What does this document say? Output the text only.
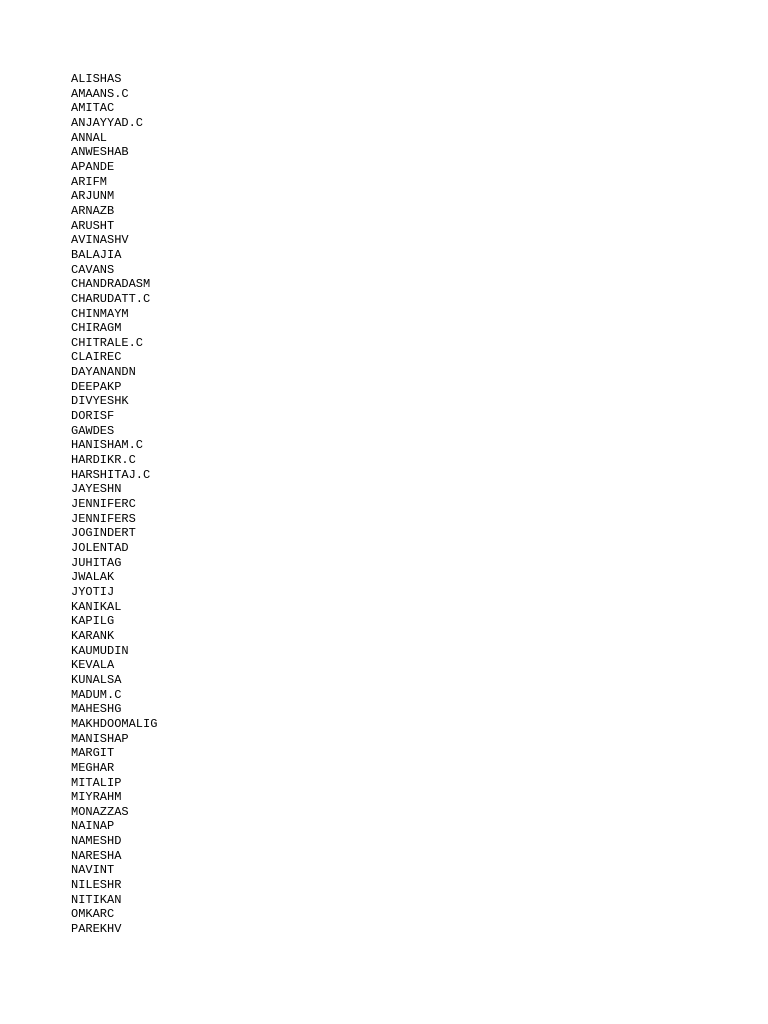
ALISHAS
AMAANS.C
AMITAC
ANJAYYAD.C
ANNAL
ANWESHAB
APANDE
ARIFM
ARJUNM
ARNAZB
ARUSHT
AVINASHV
BALAJIA
CAVANS
CHANDRADASM
CHARUDATT.C
CHINMAYM
CHIRAGM
CHITRALE.C
CLAIREC
DAYANANDN
DEEPAKP
DIVYESHK
DORISF
GAWDES
HANISHAM.C
HARDIKR.C
HARSHITAJ.C
JAYESHN
JENNIFERC
JENNIFERS
JOGINDERT
JOLENTAD
JUHITAG
JWALAK
JYOTIJ
KANIKAL
KAPILG
KARANK
KAUMUDIN
KEVALA
KUNALSA
MADUM.C
MAHESHG
MAKHDOOMALIG
MANISHAP
MARGIT
MEGHAR
MITALIP
MIYRAHM
MONAZZAS
NAINAP
NAMESHD
NARESHA
NAVINT
NILESHR
NITIKAN
OMKARC
PAREKHV
